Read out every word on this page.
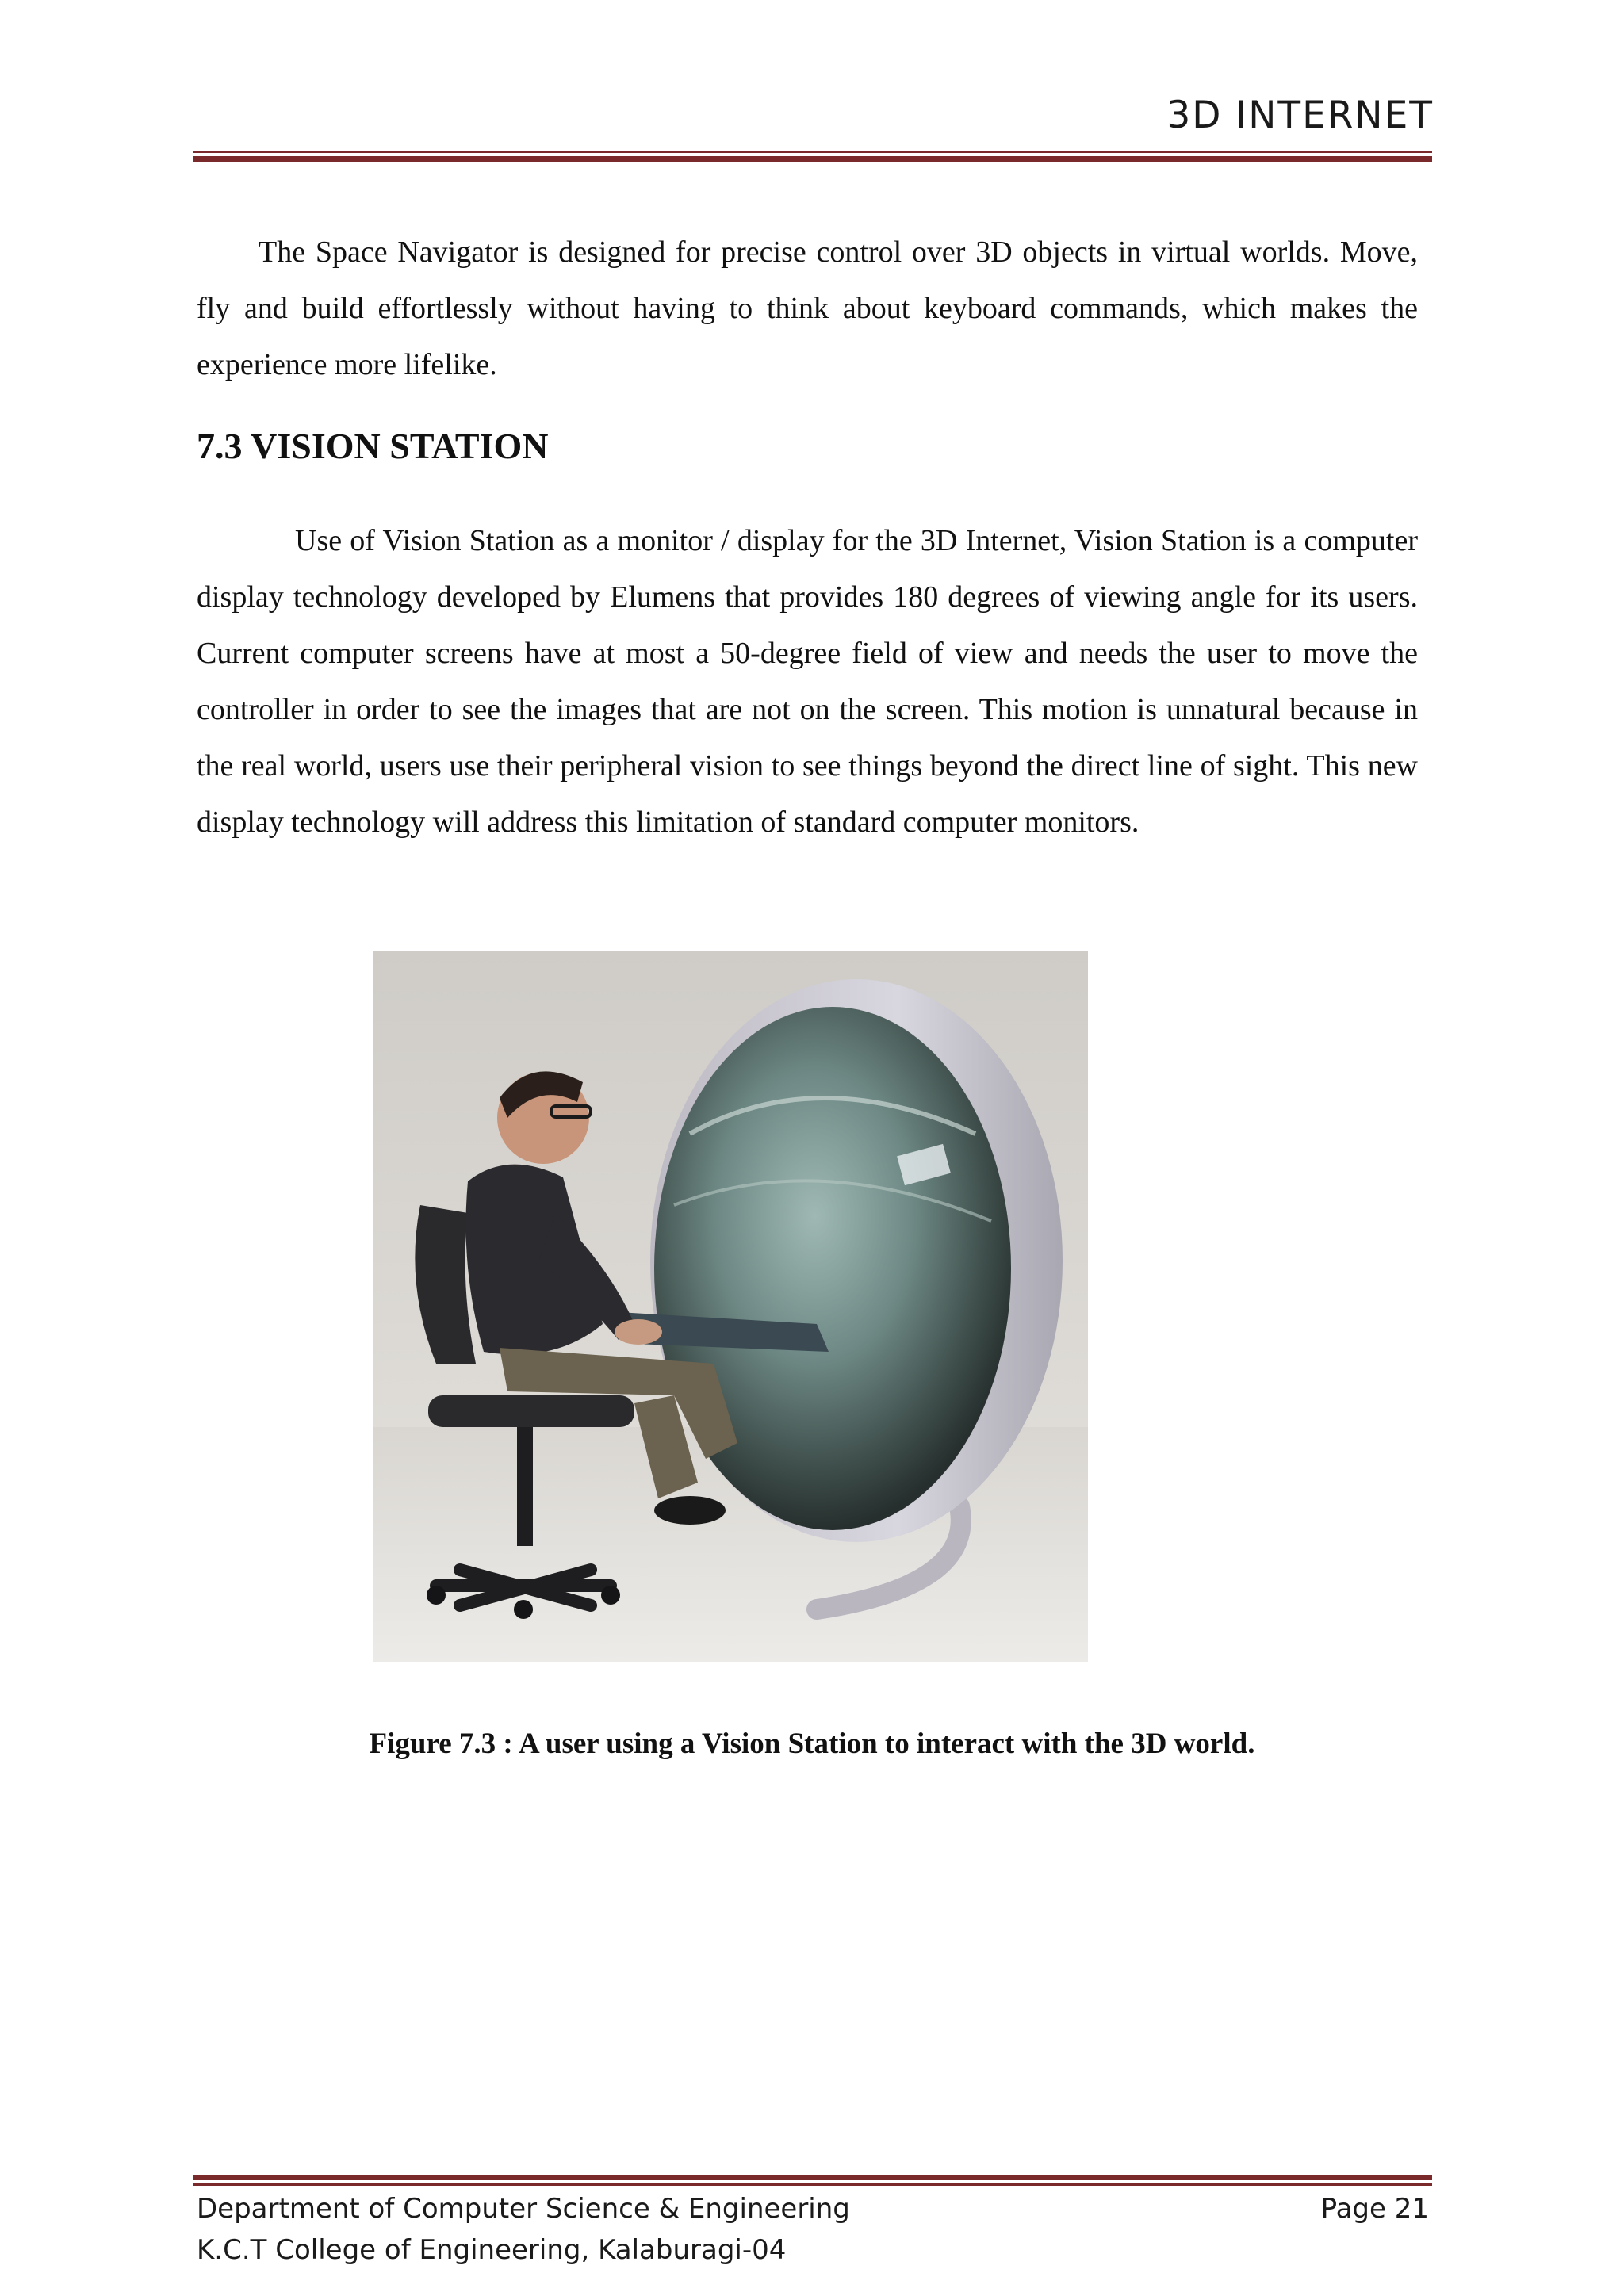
3D INTERNET

The Space Navigator is designed for precise control over 3D objects in virtual worlds. Move, fly and build effortlessly without having to think about keyboard commands, which makes the experience more lifelike.

7.3 VISION STATION

Use of Vision Station as a monitor / display for the 3D Internet, Vision Station is a computer display technology developed by Elumens that provides 180 degrees of viewing angle for its users. Current computer screens have at most a 50-degree field of view and needs the user to move the controller in order to see the images that are not on the screen. This motion is unnatural because in the real world, users use their peripheral vision to see things beyond the direct line of sight. This new display technology will address this limitation of standard computer monitors.

Figure 7.3 : A user using a Vision Station to interact with the 3D world.

Department of Computer Science & Engineering
K.C.T College of Engineering, Kalaburagi-04
Page 21
